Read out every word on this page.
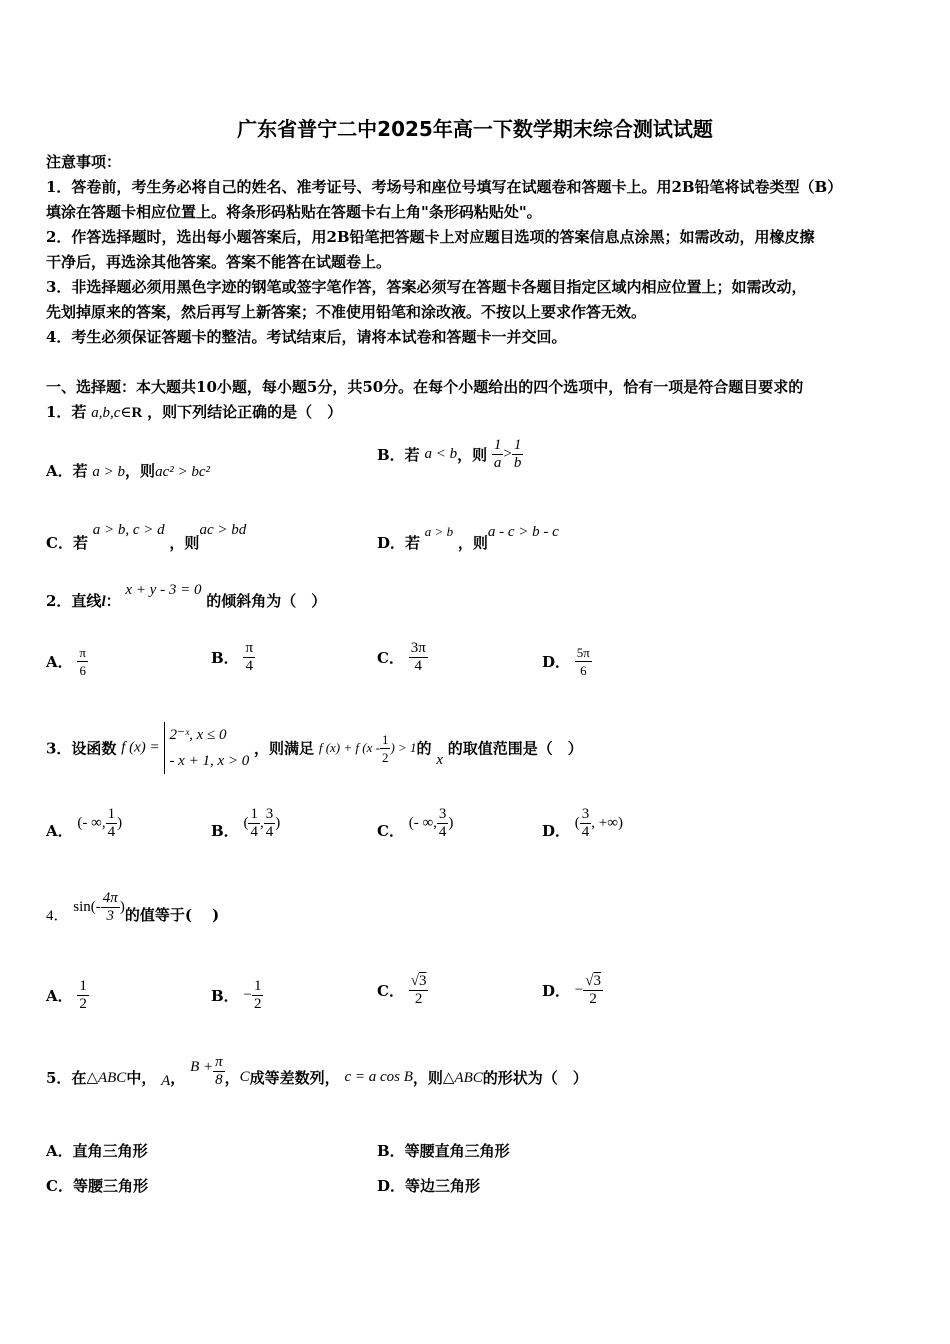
广东省普宁二中2025年高一下数学期末综合测试试题
注意事项：
1．答卷前，考生务必将自己的姓名、准考证号、考场号和座位号填写在试题卷和答题卡上。用2B铅笔将试卷类型（B）
填涂在答题卡相应位置上。将条形码粘贴在答题卡右上角"条形码粘贴处"。
2．作答选择题时，选出每小题答案后，用2B铅笔把答题卡上对应题目选项的答案信息点涂黑；如需改动，用橡皮擦
干净后，再选涂其他答案。答案不能答在试题卷上。
3．非选择题必须用黑色字迹的钢笔或签字笔作答，答案必须写在答题卡各题目指定区域内相应位置上；如需改动，
先划掉原来的答案，然后再写上新答案；不准使用铅笔和涂改液。不按以上要求作答无效。
4．考生必须保证答题卡的整洁。考试结束后，请将本试卷和答题卡一并交回。
一、选择题：本大题共10小题，每小题5分，共50分。在每个小题给出的四个选项中，恰有一项是符合题目要求的
1．若 a,b,c∈R ，则下列结论正确的是（　）
A．若 a > b，则ac² > bc²
B．若 a < b，则 $\frac{1}{a} > \frac{1}{b}$
C．若 a > b, c > d ，则ac > bd
D．若 a > b ，则a - c > b - c
2．直线l： x + y - 3 = 0 的倾斜角为（　）
A． $\frac{\pi}{6}$	B． $\frac{\pi}{4}$	C． $\frac{3\pi}{4}$	D． $\frac{5\pi}{6}$
3．设函数 f (x) = 2⁻ˣ, x ≤ 0
- x + 1, x > 0 ，则满足 f (x) + f ($x - \frac{1}{2}$ ) > 1的 x 的取值范围是（　）
A． (- ∞, $\frac{1}{4}$ )	B． ( $\frac{1}{4}$ , $\frac{3}{4}$ )	C． (- ∞, $\frac{3}{4}$ )	D． ( $\frac{3}{4}$ , +∞)
4． $\sin(- \frac{4\pi}{3}$ )的值等于(　 )
A． $\frac{1}{2}$	B． − $\frac{1}{2}$	C． $\frac{√3}{2}$	D． − $\frac{√3}{2}$
5．在△ABC中， A， $B + \frac{\pi}{8}$ ，C成等差数列， c = a cos B，则△ABC的形状为（　）
A．直角三角形	B．等腰直角三角形
C．等腰三角形	D．等边三角形
